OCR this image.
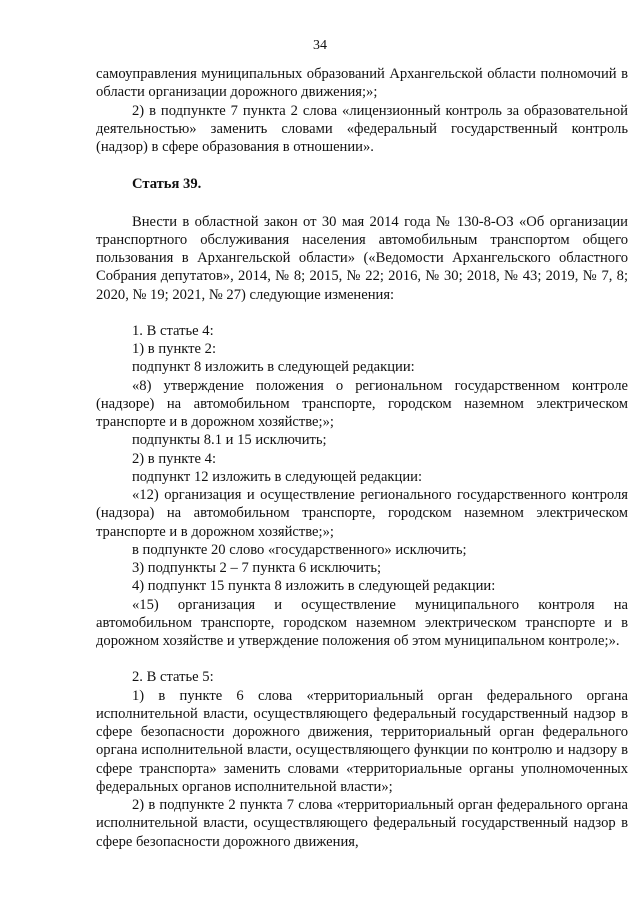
34

самоуправления муниципальных образований Архангельской области полномочий в области организации дорожного движения;»;

2) в подпункте 7 пункта 2 слова «лицензионный контроль за образовательной деятельностью» заменить словами «федеральный государственный контроль (надзор) в сфере образования в отношении».

Статья 39.

Внести в областной закон от 30 мая 2014 года № 130-8-ОЗ «Об организации транспортного обслуживания населения автомобильным транспортом общего пользования в Архангельской области» («Ведомости Архангельского областного Собрания депутатов», 2014, № 8; 2015, № 22; 2016, № 30; 2018, № 43; 2019, № 7, 8; 2020, № 19; 2021, № 27) следующие изменения:

1. В статье 4:

1) в пункте 2:

подпункт 8 изложить в следующей редакции:

«8) утверждение положения о региональном государственном контроле (надзоре) на автомобильном транспорте, городском наземном электрическом транспорте и в дорожном хозяйстве;»;

подпункты 8.1 и 15 исключить;

2) в пункте 4:

подпункт 12 изложить в следующей редакции:

«12) организация и осуществление регионального государственного контроля (надзора) на автомобильном транспорте, городском наземном электрическом транспорте и в дорожном хозяйстве;»;

в подпункте 20 слово «государственного» исключить;

3) подпункты 2 – 7 пункта 6 исключить;

4) подпункт 15 пункта 8 изложить в следующей редакции:

«15) организация и осуществление муниципального контроля на автомобильном транспорте, городском наземном электрическом транспорте и в дорожном хозяйстве и утверждение положения об этом муниципальном контроле;».

2. В статье 5:

1) в пункте 6 слова «территориальный орган федерального органа исполнительной власти, осуществляющего федеральный государственный надзор в сфере безопасности дорожного движения, территориальный орган федерального органа исполнительной власти, осуществляющего функции по контролю и надзору в сфере транспорта» заменить словами «территориальные органы уполномоченных федеральных органов исполнительной власти»;

2) в подпункте 2 пункта 7 слова «территориальный орган федерального органа исполнительной власти, осуществляющего федеральный государственный надзор в сфере безопасности дорожного движения,
